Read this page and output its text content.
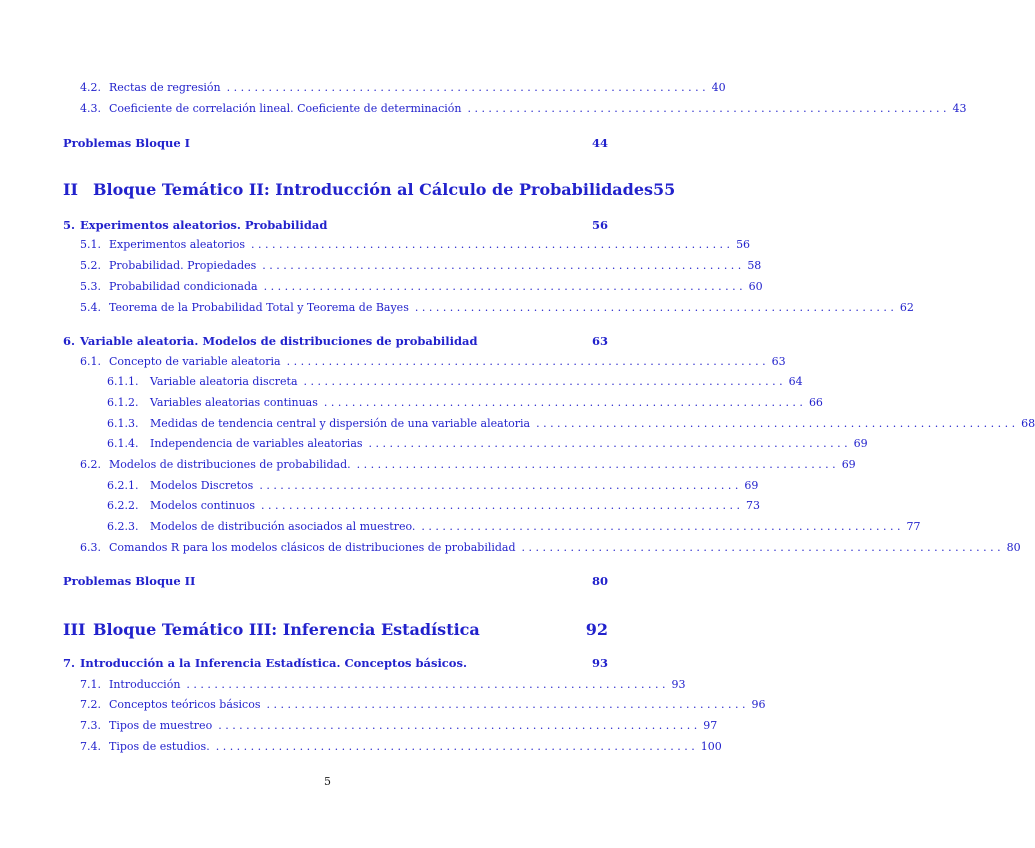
4.2. Rectas de regresión . . . . . . . . . . . . . . . . . . . . . . . . . . . . . . . . . . . . . . . . . . . . . . . . . . . . . . . . . . . . . . . . . . . . . 40
4.3. Coeficiente de correlación lineal. Coeficiente de determinación . . . . . . . . . . . . . . . . . . . . . . . . . . . . . . . . . . . . . . . . . . . . . . . . . . . . . . . . . . . . . . . . . . . . . 43
Problemas Bloque I	44
II Bloque Temático II: Introducción al Cálculo de Probabilidades 55
5. Experimentos aleatorios. Probabilidad	56
5.1. Experimentos aleatorios . . . . . . . . . . . . . . . . . . . . . . . . . . . . . . . . . . . . . . . . . . . . . . . . . . . . . . . . . . . . . . . . . . . . . 56
5.2. Probabilidad. Propiedades . . . . . . . . . . . . . . . . . . . . . . . . . . . . . . . . . . . . . . . . . . . . . . . . . . . . . . . . . . . . . . . . . . . . . 58
5.3. Probabilidad condicionada . . . . . . . . . . . . . . . . . . . . . . . . . . . . . . . . . . . . . . . . . . . . . . . . . . . . . . . . . . . . . . . . . . . . . 60
5.4. Teorema de la Probabilidad Total y Teorema de Bayes . . . . . . . . . . . . . . . . . . . . . . . . . . . . . . . . . . . . . . . . . . . . . . . . . . . . . . . . . . . . . . . . . . . . . 62
6. Variable aleatoria. Modelos de distribuciones de probabilidad	63
6.1. Concepto de variable aleatoria . . . . . . . . . . . . . . . . . . . . . . . . . . . . . . . . . . . . . . . . . . . . . . . . . . . . . . . . . . . . . . . . . . . . . 63
6.1.1.	Variable aleatoria discreta . . . . . . . . . . . . . . . . . . . . . . . . . . . . . . . . . . . . . . . . . . . . . . . . . . . . . . . . . . . . . . . . . . . . . 64
6.1.2.	Variables aleatorias continuas . . . . . . . . . . . . . . . . . . . . . . . . . . . . . . . . . . . . . . . . . . . . . . . . . . . . . . . . . . . . . . . . . . . . . 66
6.1.3.	Medidas de tendencia central y dispersión de una variable aleatoria . . . . . . . . . . . . . . . . . . . . . . . . . . . . . . . . . . . . . . . . . . . . . . . . . . . . . . . . . . . . . . . . . . . . . 68
6.1.4.	Independencia de variables aleatorias . . . . . . . . . . . . . . . . . . . . . . . . . . . . . . . . . . . . . . . . . . . . . . . . . . . . . . . . . . . . . . . . . . . . . 69
6.2. Modelos de distribuciones de probabilidad. . . . . . . . . . . . . . . . . . . . . . . . . . . . . . . . . . . . . . . . . . . . . . . . . . . . . . . . . . . . . . . . . . . . . . 69
6.2.1.	Modelos Discretos . . . . . . . . . . . . . . . . . . . . . . . . . . . . . . . . . . . . . . . . . . . . . . . . . . . . . . . . . . . . . . . . . . . . . 69
6.2.2.	Modelos continuos . . . . . . . . . . . . . . . . . . . . . . . . . . . . . . . . . . . . . . . . . . . . . . . . . . . . . . . . . . . . . . . . . . . . . 73
6.2.3.	Modelos de distribución asociados al muestreo. . . . . . . . . . . . . . . . . . . . . . . . . . . . . . . . . . . . . . . . . . . . . . . . . . . . . . . . . . . . . . . . . . . . . . 77
6.3. Comandos R para los modelos clásicos de distribuciones de probabilidad . . . . . . . . . . . . . . . . . . . . . . . . . . . . . . . . . . . . . . . . . . . . . . . . . . . . . . . . . . . . . . . . . . . . . 80
Problemas Bloque II	80
III Bloque Temático III: Inferencia Estadística	92
7. Introducción a la Inferencia Estadística. Conceptos básicos.	93
7.1. Introducción . . . . . . . . . . . . . . . . . . . . . . . . . . . . . . . . . . . . . . . . . . . . . . . . . . . . . . . . . . . . . . . . . . . . . 93
7.2. Conceptos teóricos básicos . . . . . . . . . . . . . . . . . . . . . . . . . . . . . . . . . . . . . . . . . . . . . . . . . . . . . . . . . . . . . . . . . . . . . 96
7.3. Tipos de muestreo . . . . . . . . . . . . . . . . . . . . . . . . . . . . . . . . . . . . . . . . . . . . . . . . . . . . . . . . . . . . . . . . . . . . . 97
7.4. Tipos de estudios. . . . . . . . . . . . . . . . . . . . . . . . . . . . . . . . . . . . . . . . . . . . . . . . . . . . . . . . . . . . . . . . . . . . . . 100
5
